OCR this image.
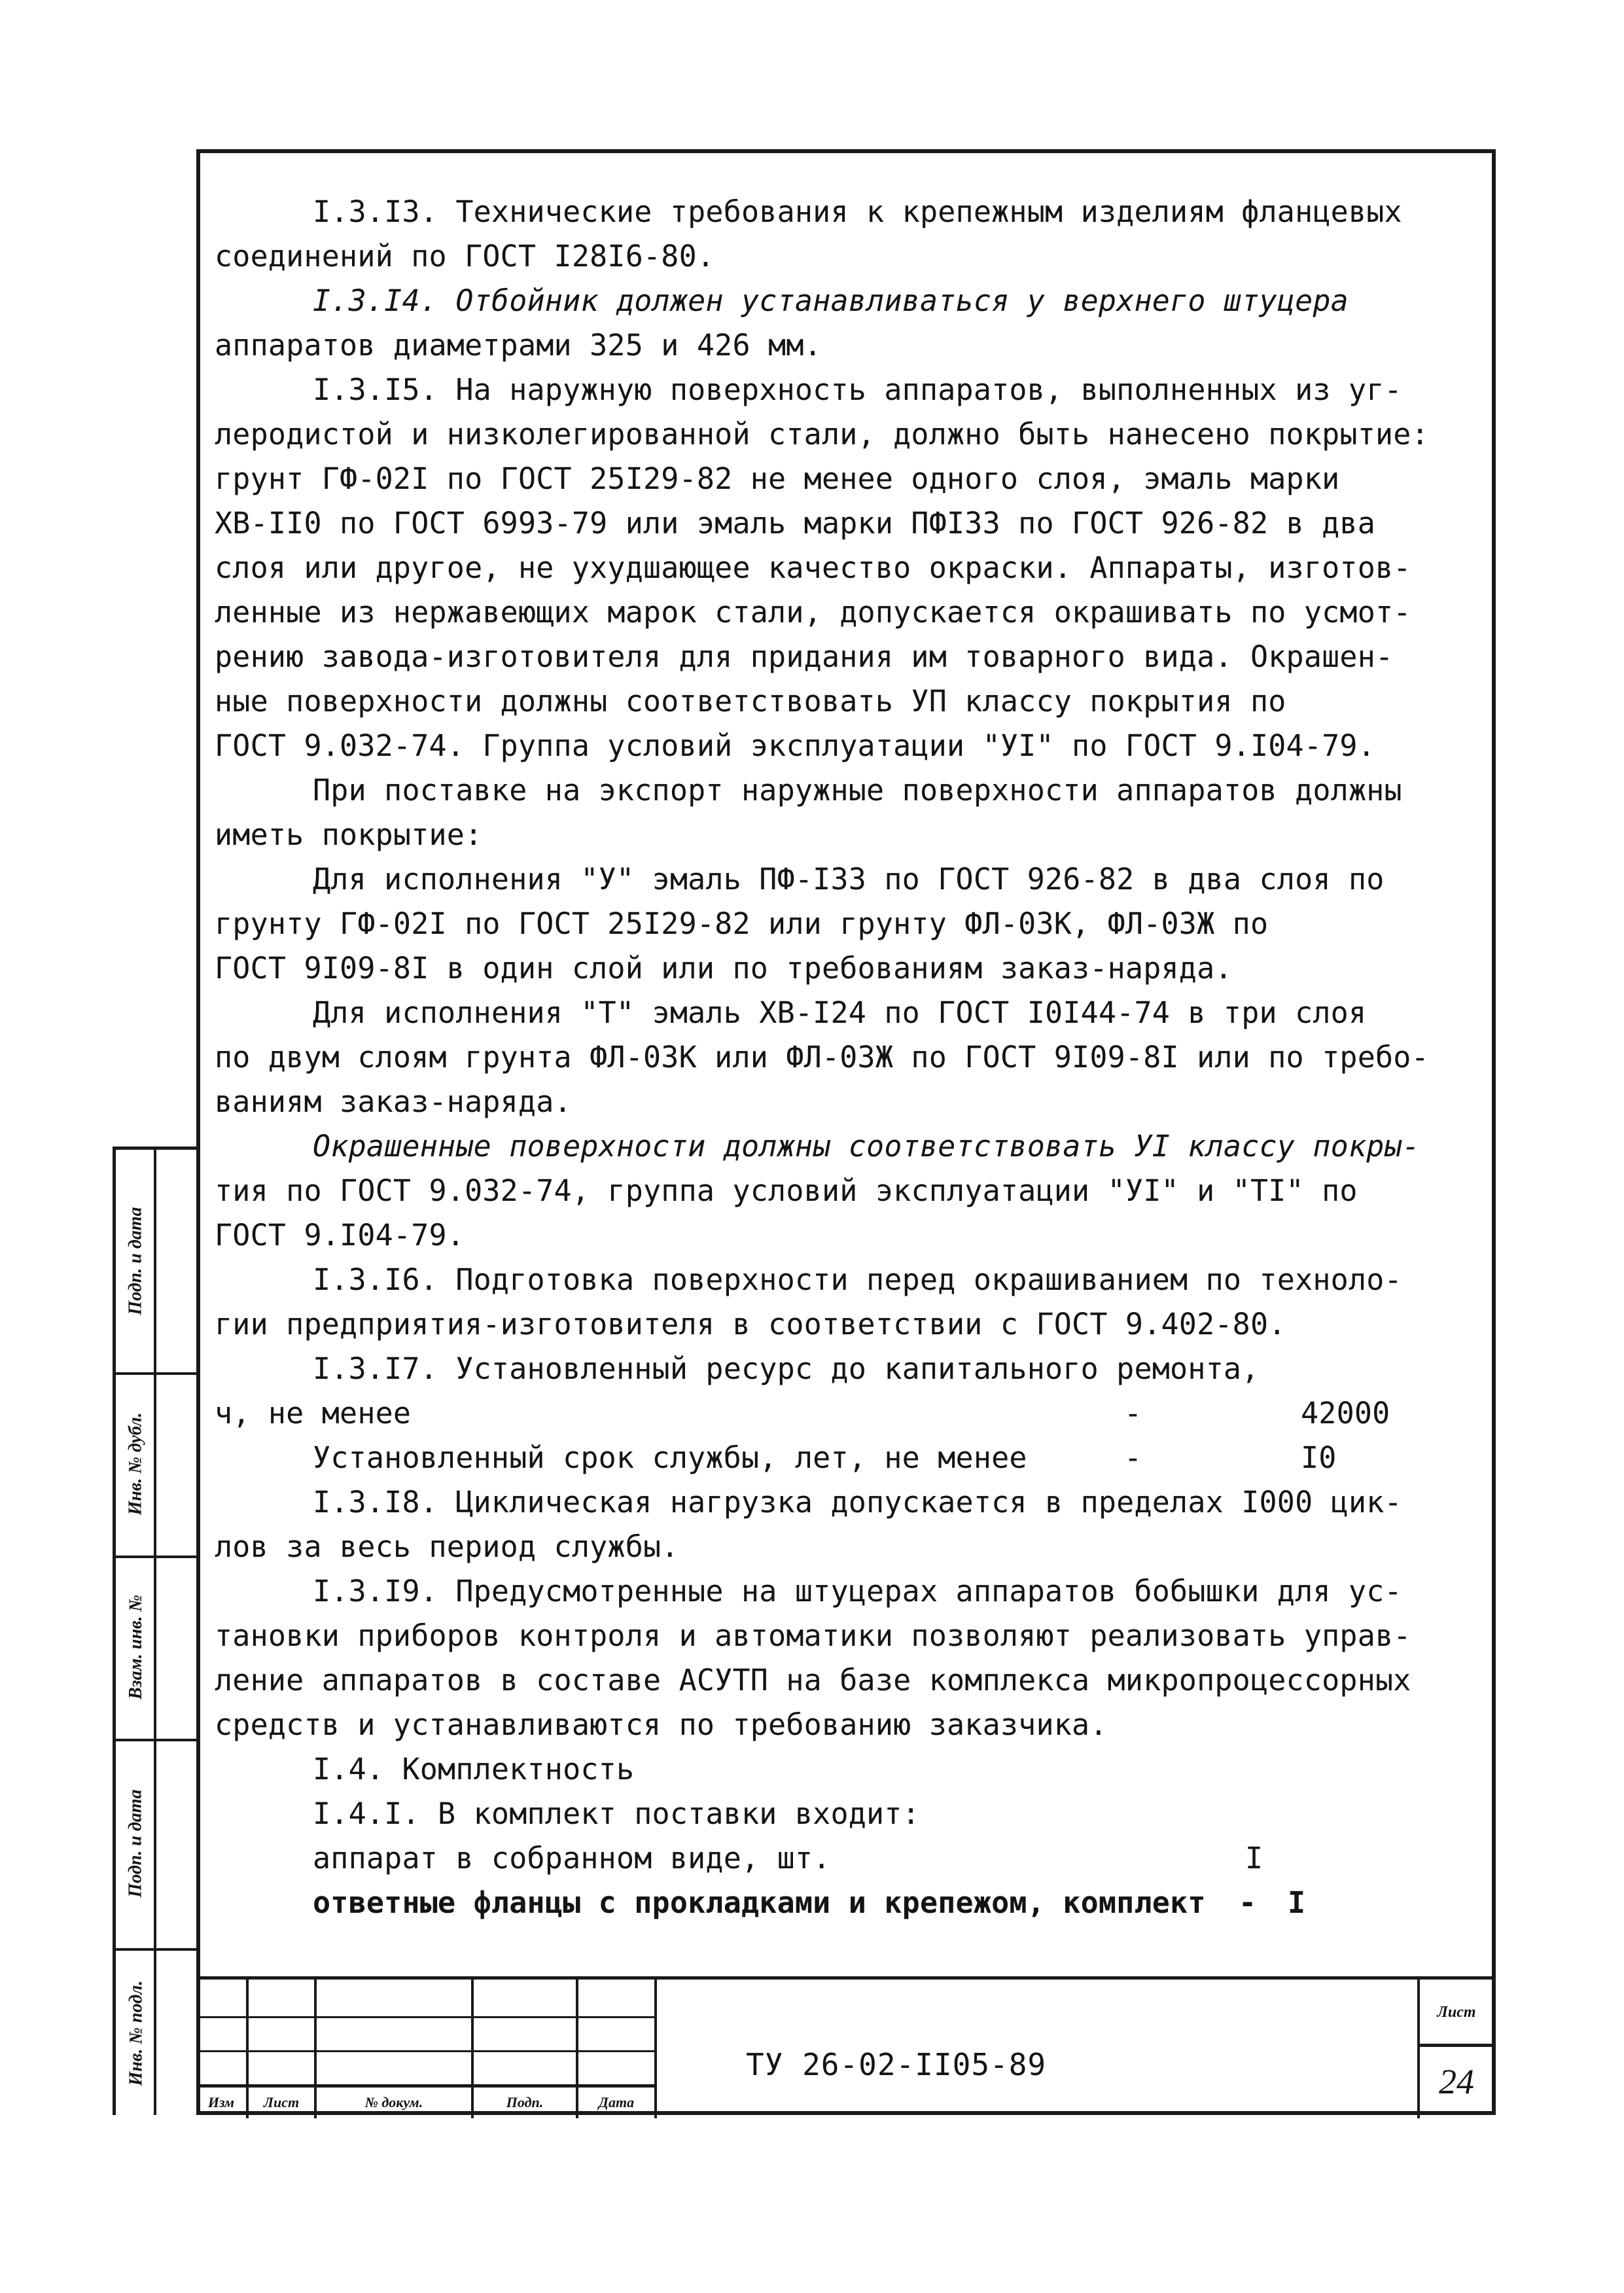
I.3.I3. Технические требования к крепежным изделиям фланцевых
соединений по ГОСТ I28I6-80.
I.3.I4. Отбойник должен устанавливаться у верхнего штуцера
аппаратов диаметрами 325 и 426 мм.
I.3.I5. На наружную поверхность аппаратов, выполненных из уг-
леродистой и низколегированной стали, должно быть нанесено покрытие:
грунт ГФ-02I по ГОСТ 25I29-82 не менее одного слоя, эмаль марки
ХВ-II0 по ГОСТ 6993-79 или эмаль марки ПФI33 по ГОСТ 926-82 в два
слоя или другое, не ухудшающее качество окраски. Аппараты, изготов-
ленные из нержавеющих марок стали, допускается окрашивать по усмот-
рению завода-изготовителя для придания им товарного вида. Окрашен-
ные поверхности должны соответствовать УП классу покрытия по
ГОСТ 9.032-74. Группа условий эксплуатации "УI" по ГОСТ 9.I04-79.
При поставке на экспорт наружные поверхности аппаратов должны
иметь покрытие:
Для исполнения "У" эмаль ПФ-I33 по ГОСТ 926-82 в два слоя по
грунту ГФ-02I по ГОСТ 25I29-82 или грунту ФЛ-03К, ФЛ-03Ж по
ГОСТ 9I09-8I в один слой или по требованиям заказ-наряда.
Для исполнения "Т" эмаль ХВ-I24 по ГОСТ I0I44-74 в три слоя
по двум слоям грунта ФЛ-03К или ФЛ-03Ж по ГОСТ 9I09-8I или по требо-
ваниям заказ-наряда.
Окрашенные поверхности должны соответствовать УI классу покры-
тия по ГОСТ 9.032-74, группа условий эксплуатации "УI" и "ТI" по
ГОСТ 9.I04-79.
I.3.I6. Подготовка поверхности перед окрашиванием по техноло-
гии предприятия-изготовителя в соответствии с ГОСТ 9.402-80.
I.3.I7. Установленный ресурс до капитального ремонта,
ч, не менее	-	42000
Установленный срок службы, лет, не менее	-	I0
I.3.I8. Циклическая нагрузка допускается в пределах I000 цик-
лов за весь период службы.
I.3.I9. Предусмотренные на штуцерах аппаратов бобышки для ус-
тановки приборов контроля и автоматики позволяют реализовать управ-
ление аппаратов в составе АСУТП на базе комплекса микропроцессорных
средств и устанавливаются по требованию заказчика.
I.4. Комплектность
I.4.I. В комплект поставки входит:
аппарат в собранном виде, шт.	I
ответные фланцы с прокладками и крепежом, комплект - I
Подп. и дата
Инв. № дубл.
Взам. инв. №
Подп. и дата
Инв. № подл.	ТУ 26-02-II05-89
Изм	Лист	№ докум.	Подп.	Дата
Лист
24
